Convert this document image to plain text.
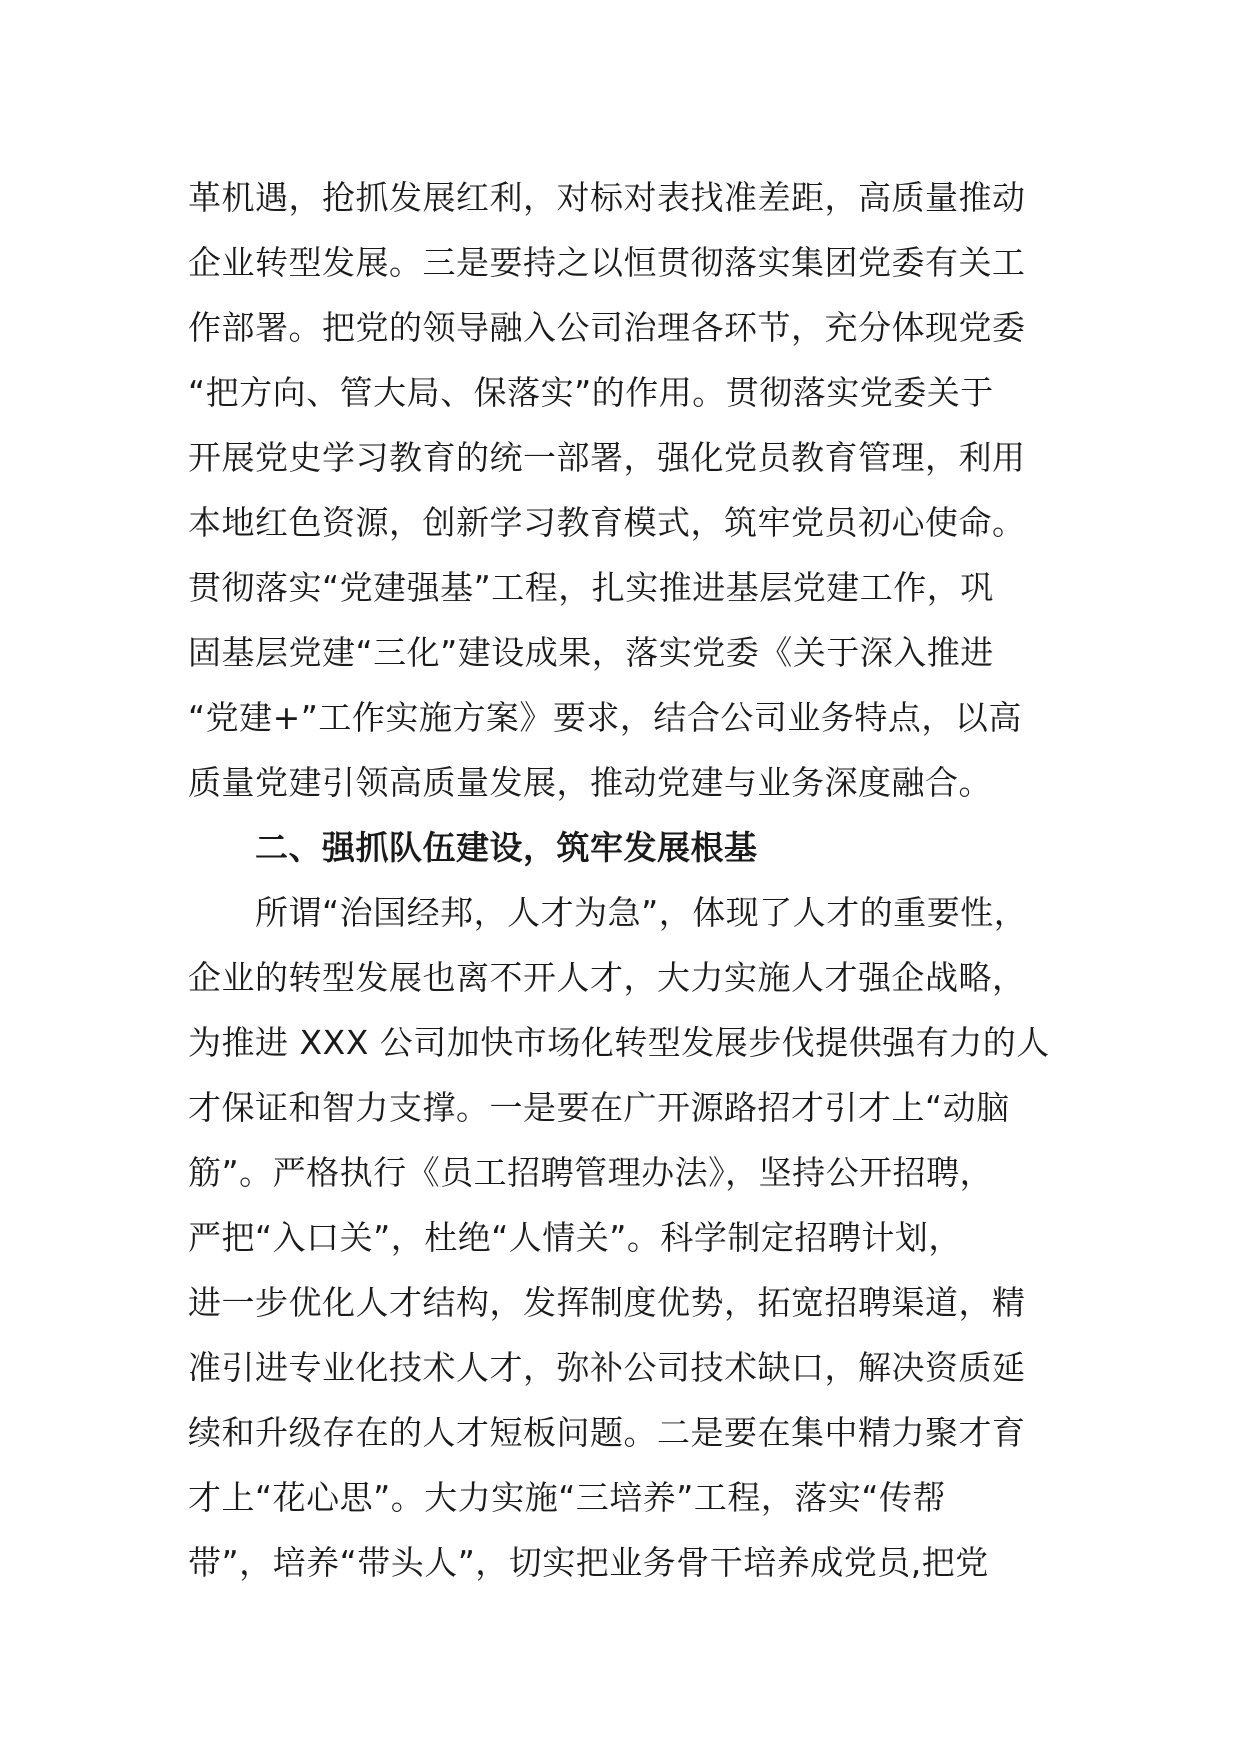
革机遇，抢抓发展红利，对标对表找准差距，高质量推动
企业转型发展。三是要持之以恒贯彻落实集团党委有关工
作部署。把党的领导融入公司治理各环节，充分体现党委
“把方向、管大局、保落实”的作用。贯彻落实党委关于
开展党史学习教育的统一部署，强化党员教育管理，利用
本地红色资源，创新学习教育模式，筑牢党员初心使命。
贯彻落实“党建强基”工程，扎实推进基层党建工作，巩
固基层党建“三化”建设成果，落实党委《关于深入推进
“党建+”工作实施方案》要求，结合公司业务特点，以高
质量党建引领高质量发展，推动党建与业务深度融合。
二、强抓队伍建设，筑牢发展根基
所谓“治国经邦，人才为急”，体现了人才的重要性，
企业的转型发展也离不开人才，大力实施人才强企战略，
为推进 XXX 公司加快市场化转型发展步伐提供强有力的人
才保证和智力支撑。一是要在广开源路招才引才上“动脑
筋”。严格执行《员工招聘管理办法》，坚持公开招聘，
严把“入口关”，杜绝“人情关”。科学制定招聘计划，
进一步优化人才结构，发挥制度优势，拓宽招聘渠道，精
准引进专业化技术人才，弥补公司技术缺口，解决资质延
续和升级存在的人才短板问题。二是要在集中精力聚才育
才上“花心思”。大力实施“三培养”工程，落实“传帮
带”，培养“带头人”，切实把业务骨干培养成党员,把党
